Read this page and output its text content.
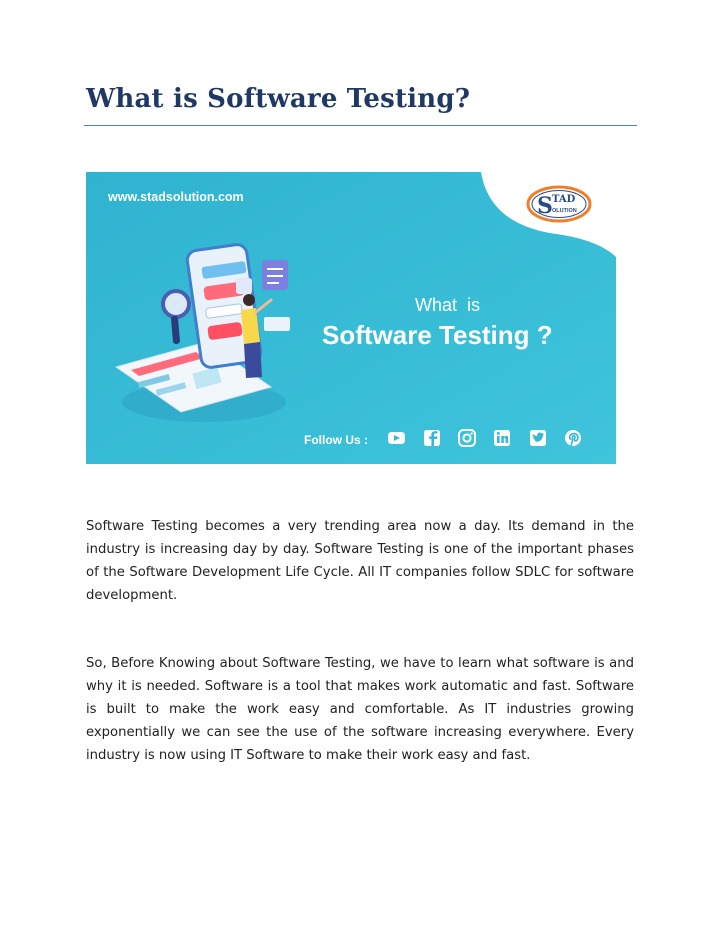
What is Software Testing?
www.stadsolution.com	S TAD
OLUTION
What  is
Software Testing ?
Follow Us :

Software Testing becomes a very trending area now a day. Its demand in the industry is increasing day by day. Software Testing is one of the important phases of the Software Development Life Cycle. All IT companies follow SDLC for software development.

So, Before Knowing about Software Testing, we have to learn what software is and why it is needed. Software is a tool that makes work automatic and fast. Software is built to make the work easy and comfortable. As IT industries growing exponentially we can see the use of the software increasing everywhere. Every industry is now using IT Software to make their work easy and fast.
